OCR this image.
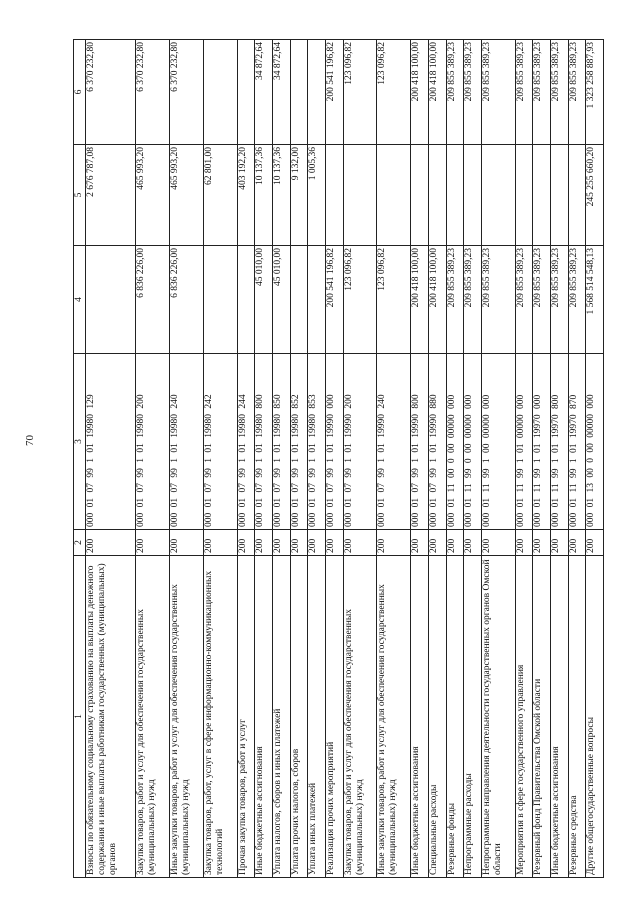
70
1	2	3	4	5	6
Взносы по обязательному социальному страхованию на выплаты денежного содержания и иные выплаты работникам государственных (муниципальных) органов	200	000 01 07 99 1 01 19980 129		2 676 787,08	6 370 232,80
Закупка товаров, работ и услуг для обеспечения государственных (муниципальных) нужд	200	000 01 07 99 1 01 19980 200	6 836 226,00	465 993,20	6 370 232,80
Иные закупки товаров, работ и услуг для обеспечения государственных (муниципальных) нужд	200	000 01 07 99 1 01 19980 240	6 836 226,00	465 993,20	6 370 232,80
Закупка товаров, работ, услуг в сфере информационно-коммуникационных технологий	200	000 01 07 99 1 01 19980 242		62 801,00	
Прочая закупка товаров, работ и услуг	200	000 01 07 99 1 01 19980 244		403 192,20	
Иные бюджетные ассигнования	200	000 01 07 99 1 01 19980 800	45 010,00	10 137,36	34 872,64
Уплата налогов, сборов и иных платежей	200	000 01 07 99 1 01 19980 850	45 010,00	10 137,36	34 872,64
Уплата прочих налогов, сборов	200	000 01 07 99 1 01 19980 852		9 132,00	
Уплата иных платежей	200	000 01 07 99 1 01 19980 853		1 005,36	
Реализация прочих мероприятий	200	000 01 07 99 1 01 19990 000	200 541 196,82		200 541 196,82
Закупка товаров, работ и услуг для обеспечения государственных (муниципальных) нужд	200	000 01 07 99 1 01 19990 200	123 096,82		123 096,82
Иные закупки товаров, работ и услуг для обеспечения государственных (муниципальных) нужд	200	000 01 07 99 1 01 19990 240	123 096,82		123 096,82
Иные бюджетные ассигнования	200	000 01 07 99 1 01 19990 800	200 418 100,00		200 418 100,00
Специальные расходы	200	000 01 07 99 1 01 19990 880	200 418 100,00		200 418 100,00
Резервные фонды	200	000 01 11 00 0 00 00000 000	209 855 389,23		209 855 389,23
Непрограммные расходы	200	000 01 11 99 0 00 00000 000	209 855 389,23		209 855 389,23
Непрограммные направления деятельности государственных органов Омской области	200	000 01 11 99 1 00 00000 000	209 855 389,23		209 855 389,23
Мероприятия в сфере государственного управления	200	000 01 11 99 1 01 00000 000	209 855 389,23		209 855 389,23
Резервный фонд Правительства Омской области	200	000 01 11 99 1 01 19970 000	209 855 389,23		209 855 389,23
Иные бюджетные ассигнования	200	000 01 11 99 1 01 19970 800	209 855 389,23		209 855 389,23
Резервные средства	200	000 01 11 99 1 01 19970 870	209 855 389,23		209 855 389,23
Другие общегосударственные вопросы	200	000 01 13 00 0 00 00000 000	1 568 514 548,13	245 255 660,20	1 323 258 887,93
